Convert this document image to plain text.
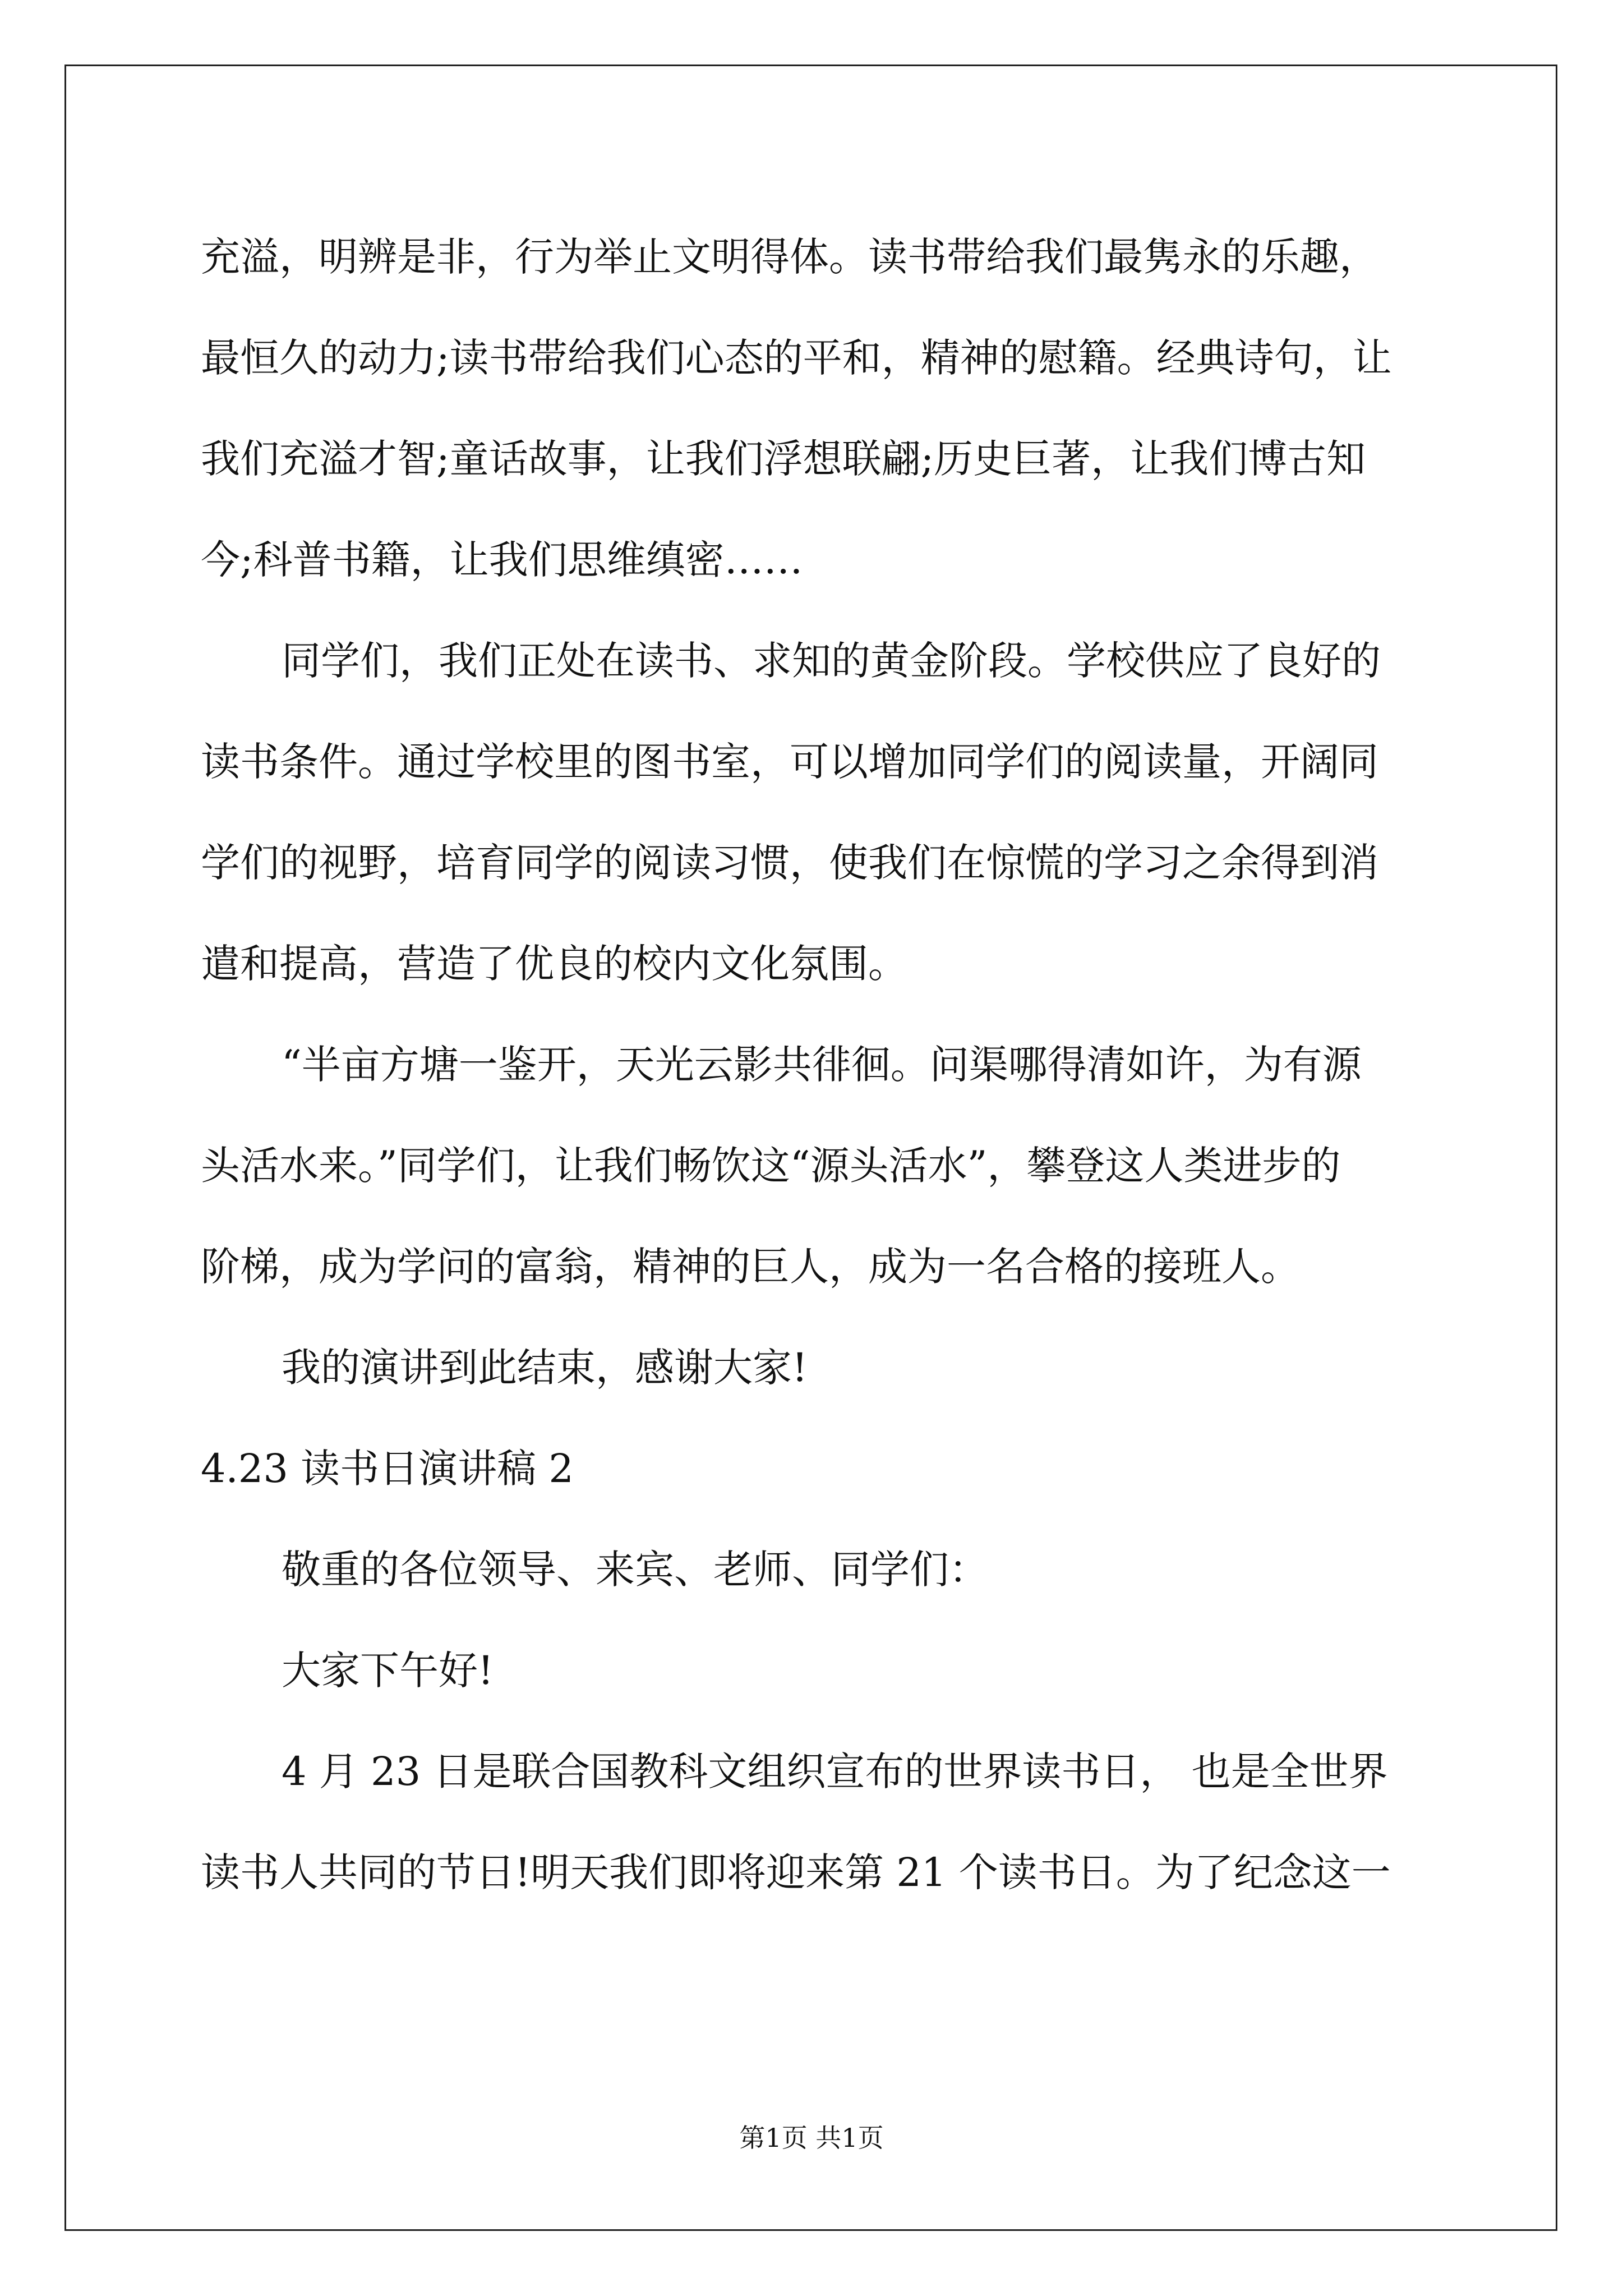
充溢，明辨是非，行为举止文明得体。读书带给我们最隽永的乐趣，
最恒久的动力;读书带给我们心态的平和，精神的慰籍。经典诗句，让
我们充溢才智;童话故事，让我们浮想联翩;历史巨著，让我们博古知
今;科普书籍，让我们思维缜密……
同学们，我们正处在读书、求知的黄金阶段。学校供应了良好的
读书条件。通过学校里的图书室，可以增加同学们的阅读量，开阔同
学们的视野，培育同学的阅读习惯，使我们在惊慌的学习之余得到消
遣和提高，营造了优良的校内文化氛围。
“半亩方塘一鉴开，天光云影共徘徊。问渠哪得清如许，为有源
头活水来。”同学们，让我们畅饮这“源头活水”，攀登这人类进步的
阶梯，成为学问的富翁，精神的巨人，成为一名合格的接班人。
我的演讲到此结束，感谢大家!
4.23 读书日演讲稿 2
敬重的各位领导、来宾、老师、同学们：
大家下午好!
4 月 23 日是联合国教科文组织宣布的世界读书日， 也是全世界
读书人共同的节日!明天我们即将迎来第 21 个读书日。为了纪念这一
第1页 共1页
